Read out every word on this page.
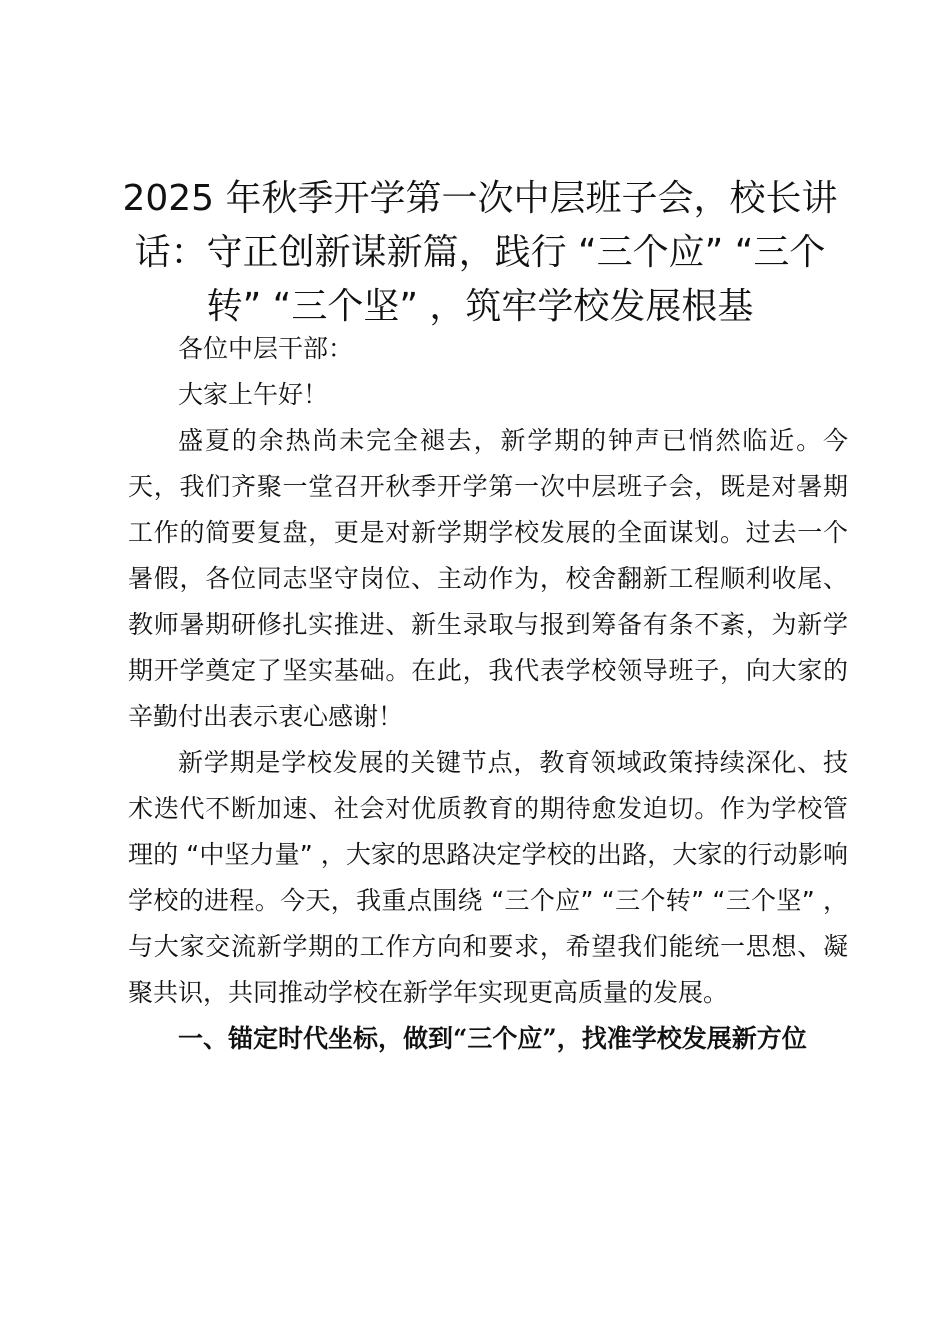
2025 年秋季开学第一次中层班子会，校长讲话：守正创新谋新篇，践行 “三个应” “三个转” “三个坚” ，筑牢学校发展根基

各位中层干部：

大家上午好！

盛夏的余热尚未完全褪去，新学期的钟声已悄然临近。今天，我们齐聚一堂召开秋季开学第一次中层班子会，既是对暑期工作的简要复盘，更是对新学期学校发展的全面谋划。过去一个暑假，各位同志坚守岗位、主动作为，校舍翻新工程顺利收尾、教师暑期研修扎实推进、新生录取与报到筹备有条不紊，为新学期开学奠定了坚实基础。在此，我代表学校领导班子，向大家的辛勤付出表示衷心感谢！

新学期是学校发展的关键节点，教育领域政策持续深化、技术迭代不断加速、社会对优质教育的期待愈发迫切。作为学校管理的 “中坚力量” ，大家的思路决定学校的出路，大家的行动影响学校的进程。今天，我重点围绕 “三个应” “三个转” “三个坚” ，与大家交流新学期的工作方向和要求，希望我们能统一思想、凝聚共识，共同推动学校在新学年实现更高质量的发展。

一、锚定时代坐标，做到“三个应”，找准学校发展新方位
